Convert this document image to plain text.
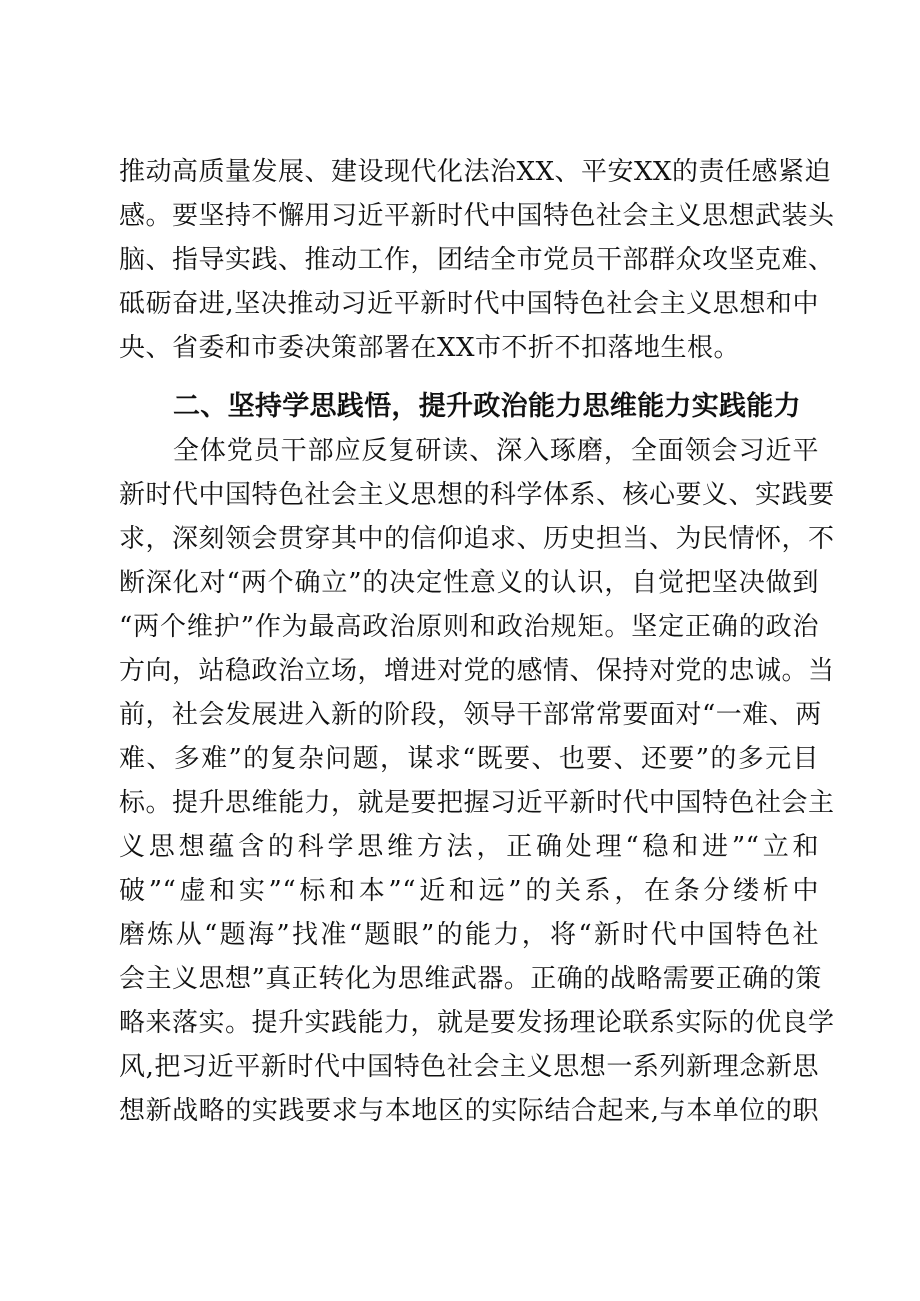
推动高质量发展、建设现代化法治XX、平安XX的责任感紧迫
感。要坚持不懈用习近平新时代中国特色社会主义思想武装头
脑、指导实践、推动工作，团结全市党员干部群众攻坚克难、
砥砺奋进,坚决推动习近平新时代中国特色社会主义思想和中
央、省委和市委决策部署在XX市不折不扣落地生根。
二、坚持学思践悟，提升政治能力思维能力实践能力
　　全体党员干部应反复研读、深入琢磨，全面领会习近平
新时代中国特色社会主义思想的科学体系、核心要义、实践要
求，深刻领会贯穿其中的信仰追求、历史担当、为民情怀，不
断深化对“两个确立”的决定性意义的认识，自觉把坚决做到
“两个维护”作为最高政治原则和政治规矩。坚定正确的政治
方向，站稳政治立场，增进对党的感情、保持对党的忠诚。当
前，社会发展进入新的阶段，领导干部常常要面对“一难、两
难、多难”的复杂问题，谋求“既要、也要、还要”的多元目
标。提升思维能力，就是要把握习近平新时代中国特色社会主
义思想蕴含的科学思维方法，正确处理“稳和进”“立和
破”“虚和实”“标和本”“近和远”的关系，在条分缕析中
磨炼从“题海”找准“题眼”的能力，将“新时代中国特色社
会主义思想”真正转化为思维武器。正确的战略需要正确的策
略来落实。提升实践能力，就是要发扬理论联系实际的优良学
风,把习近平新时代中国特色社会主义思想一系列新理念新思
想新战略的实践要求与本地区的实际结合起来,与本单位的职
